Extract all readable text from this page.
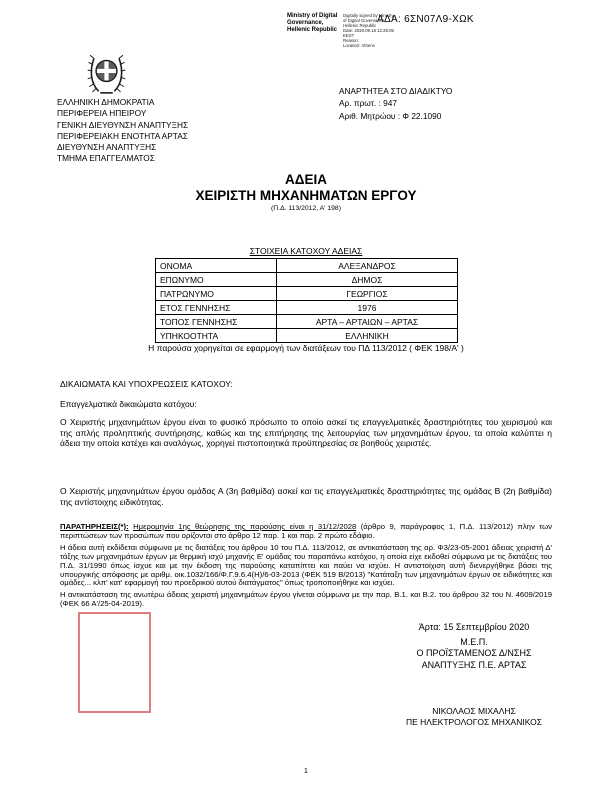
ΑΔΑ: 6ΣΝ07Λ9-ΧΩΚ
Ministry of Digital
Governance,
Hellenic Republic
Digitally signed by Ministry
of Digital Governance,
Hellenic Republic
Date: 2020.09.15 12:26:05
EEST
Reason:
Location: Athens
ΕΛΛΗΝΙΚΗ ΔΗΜΟΚΡΑΤΙΑ
ΠΕΡΙΦΕΡΕΙΑ ΗΠΕΙΡΟΥ
ΓΕΝΙΚΗ ΔΙΕΥΘΥΝΣΗ ΑΝΑΠΤΥΞΗΣ
ΠΕΡΙΦΕΡΕΙΑΚΗ ΕΝΟΤΗΤΑ ΑΡΤΑΣ
ΔΙΕΥΘΥΝΣΗ ΑΝΑΠΤΥΞΗΣ
ΤΜΗΜΑ ΕΠΑΓΓΕΛΜΑΤΟΣ
ΑΝΑΡΤΗΤΕΑ ΣΤΟ ΔΙΑΔΙΚΤΥΟ
Αρ. πρωτ. : 947
Αριθ. Μητρώου : Φ 22.1090
ΑΔΕΙΑ
ΧΕΙΡΙΣΤΗ ΜΗΧΑΝΗΜΑΤΩΝ ΕΡΓΟΥ
(Π.Δ. 113/2012, Α' 198)
ΣΤΟΙΧΕΙΑ ΚΑΤΟΧΟΥ ΑΔΕΙΑΣ
ΟΝΟΜΑ	ΑΛΕΞΑΝΔΡΟΣ
ΕΠΩΝΥΜΟ	ΔΗΜΟΣ
ΠΑΤΡΩΝΥΜΟ	ΓΕΩΡΓΙΟΣ
ΕΤΟΣ ΓΕΝΝΗΣΗΣ	1976
ΤΟΠΟΣ ΓΕΝΝΗΣΗΣ	ΑΡΤΑ – ΑΡΤΑΙΩΝ – ΑΡΤΑΣ
ΥΠΗΚΟΟΤΗΤΑ	ΕΛΛΗΝΙΚΗ
Η παρούσα χορηγείται σε εφαρμογή των διατάξεων του ΠΔ 113/2012 ( ΦΕΚ 198/Α' )
ΔΙΚΑΙΩΜΑΤΑ ΚΑΙ ΥΠΟΧΡΕΩΣΕΙΣ ΚΑΤΟΧΟΥ:
Επαγγελματικά δικαιώματα κατόχου:
Ο Χειριστής μηχανημάτων έργου είναι το φυσικό πρόσωπο το οποίο ασκεί τις επαγγελματικές δραστηριότητες του χειρισμού και της απλής προληπτικής συντήρησης, καθώς και της επιτήρησης της λειτουργίας των μηχανημάτων έργου, τα οποία καλύπτει η άδεια την οποία κατέχει και αναλόγως, χορηγεί πιστοποιητικά προϋπηρεσίας σε βοηθούς χειριστές.
Ο Χειριστής μηχανημάτων έργου ομάδας Α (3η βαθμίδα) ασκεί και τις επαγγελματικές δραστηριότητες της ομάδας Β (2η βαθμίδα) της αντίστοιχης ειδικότητας.

ΠΑΡΑΤΗΡΗΣΕΙΣ(*): Ημερομηνία 1ης θεώρησης της παρούσης είναι η 31/12/2028 (άρθρο 9, παράγραφος 1, Π.Δ. 113/2012) πλην των περιπτώσεων των προσώπων που ορίζονται στο άρθρο 12 παρ. 1 και παρ. 2 πρώτο εδάφιο.

Η άδεια αυτή εκδίδεται σύμφωνα με τις διατάξεις του άρθρου 10 του Π.Δ. 113/2012, σε αντικατάσταση της αρ. Φ3/23-05-2001 άδειας χειριστή Δ' τάξης των μηχανημάτων έργων με θερμική ισχύ μηχανής Ε' ομάδας του παραπάνω κατόχου, η οποία είχε εκδοθεί σύμφωνα με τις διατάξεις του Π.Δ. 31/1990 όπως ίσχυε και με την έκδοση της παρούσης καταπίπτει και παύει να ισχύει. Η αντιστοίχιση αυτή διενεργήθηκε βάσει της υπουργικής απόφασης με αριθμ. οικ.1032/166/Φ.Γ.9.6.4(Η)/6-03-2013 (ΦΕΚ 519 Β/2013) "Κατάταξη των μηχανημάτων έργων σε ειδικότητες και ομάδες... κλπ' κατ' εφαρμογή του προεδρικού αυτού διατάγματος" όπως τροποποιήθηκε και ισχύει.

Η αντικατάσταση της ανωτέρω άδειας χειριστή μηχανημάτων έργου γίνεται σύμφωνα με την παρ. Β.1. και Β.2. του άρθρου 32 του Ν. 4609/2019 (ΦΕΚ 66 Α'/25-04-2019).

Άρτα: 15 Σεπτεμβρίου 2020
Μ.Ε.Π.
Ο ΠΡΟΪΣΤΑΜΕΝΟΣ Δ/ΝΣΗΣ
ΑΝΑΠΤΥΞΗΣ Π.Ε. ΑΡΤΑΣ
ΝΙΚΟΛΑΟΣ ΜΙΧΑΛΗΣ
ΠΕ ΗΛΕΚΤΡΟΛΟΓΟΣ ΜΗΧΑΝΙΚΟΣ
1
